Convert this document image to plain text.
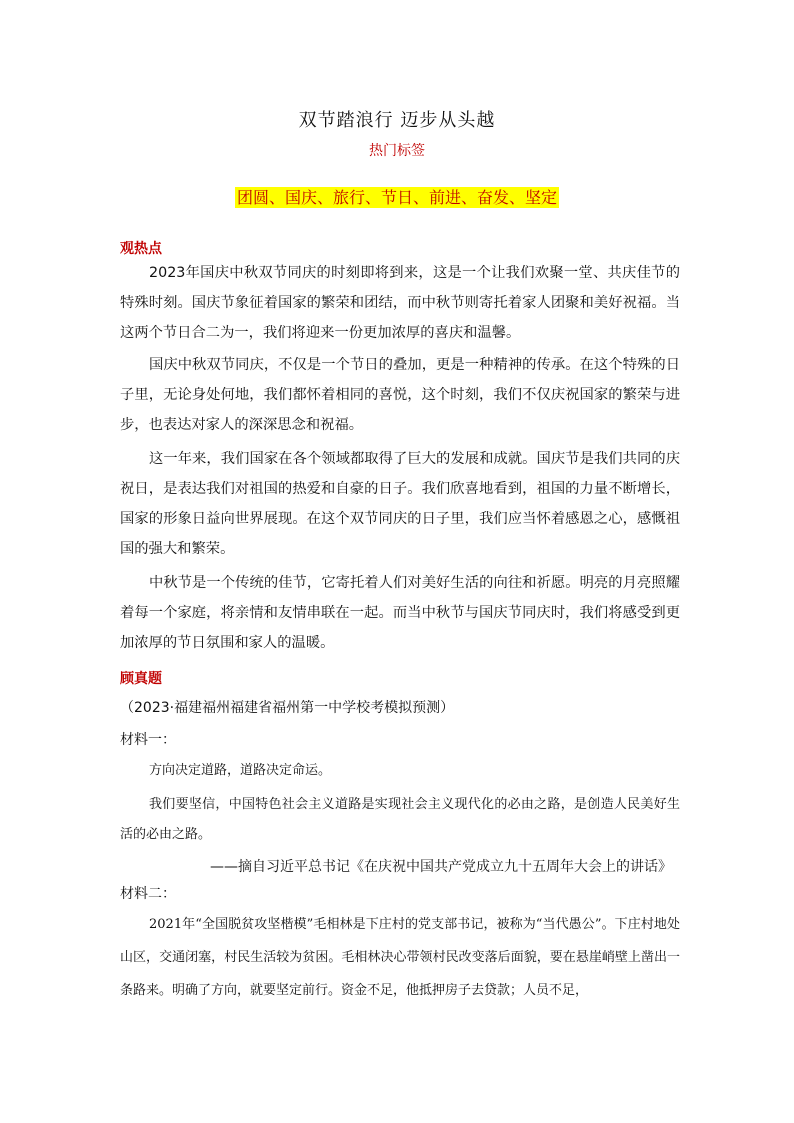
双节踏浪行 迈步从头越
热门标签
团圆、国庆、旅行、节日、前进、奋发、坚定
观热点

2023年国庆中秋双节同庆的时刻即将到来，这是一个让我们欢聚一堂、共庆佳节的特殊时刻。国庆节象征着国家的繁荣和团结，而中秋节则寄托着家人团聚和美好祝福。当这两个节日合二为一，我们将迎来一份更加浓厚的喜庆和温馨。

国庆中秋双节同庆，不仅是一个节日的叠加，更是一种精神的传承。在这个特殊的日子里，无论身处何地，我们都怀着相同的喜悦，这个时刻，我们不仅庆祝国家的繁荣与进步，也表达对家人的深深思念和祝福。

这一年来，我们国家在各个领域都取得了巨大的发展和成就。国庆节是我们共同的庆祝日，是表达我们对祖国的热爱和自豪的日子。我们欣喜地看到，祖国的力量不断增长，国家的形象日益向世界展现。在这个双节同庆的日子里，我们应当怀着感恩之心，感慨祖国的强大和繁荣。

中秋节是一个传统的佳节，它寄托着人们对美好生活的向往和祈愿。明亮的月亮照耀着每一个家庭，将亲情和友情串联在一起。而当中秋节与国庆节同庆时，我们将感受到更加浓厚的节日氛围和家人的温暖。

顾真题
（2023·福建福州福建省福州第一中学校考模拟预测）
材料一：

方向决定道路，道路决定命运。

我们要坚信，中国特色社会主义道路是实现社会主义现代化的必由之路，是创造人民美好生活的必由之路。

——摘自习近平总书记《在庆祝中国共产党成立九十五周年大会上的讲话》
材料二：

2021年“全国脱贫攻坚楷模”毛相林是下庄村的党支部书记，被称为“当代愚公”。下庄村地处山区，交通闭塞，村民生活较为贫困。毛相林决心带领村民改变落后面貌，要在悬崖峭壁上凿出一条路来。明确了方向，就要坚定前行。资金不足，他抵押房子去贷款；人员不足，
